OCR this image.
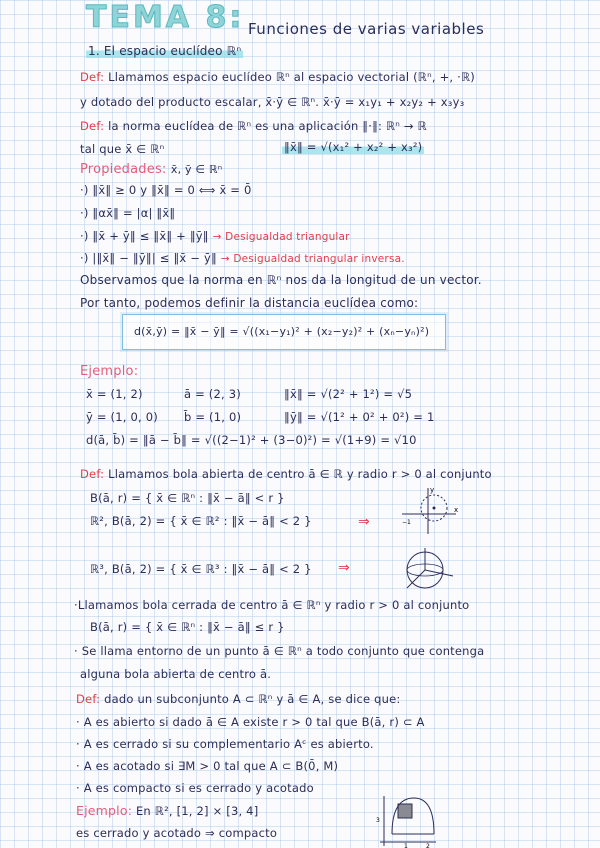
TEMA 8: Funciones de varias variables
1. El espacio euclídeo ℝⁿ
Def: Llamamos espacio euclídeo ℝⁿ al espacio vectorial (ℝⁿ, +, ·ℝ)
y dotado del producto escalar, x̄·ȳ ∈ ℝⁿ. x̄·ȳ = x₁y₁ + x₂y₂ + x₃y₃
Def: la norma euclídea de ℝⁿ es una aplicación ‖·‖: ℝⁿ → ℝ
tal que x̄ ∈ ℝⁿ	‖x̄‖ = √(x₁² + x₂² + x₃²)
Propiedades: x̄, ȳ ∈ ℝⁿ
·) ‖x̄‖ ≥ 0 y ‖x̄‖ = 0 ⟺ x̄ = 0̄
·) ‖αx̄‖ = |α| ‖x̄‖
·) ‖x̄ + ȳ‖ ≤ ‖x̄‖ + ‖ȳ‖ → Desigualdad triangular
·) |‖x̄‖ − ‖ȳ‖| ≤ ‖x̄ − ȳ‖ → Desigualdad triangular inversa.
Observamos que la norma en ℝⁿ nos da la longitud de un vector.
Por tanto, podemos definir la distancia euclídea como:
d(x̄,ȳ) = ‖x̄ − ȳ‖ = √((x₁−y₁)² + (x₂−y₂)² + (xₙ−yₙ)²)
Ejemplo:
x̄ = (1, 2)	ā = (2, 3)	‖x̄‖ = √(2² + 1²) = √5
ȳ = (1, 0, 0) b̄ = (1, 0)	‖ȳ‖ = √(1² + 0² + 0²) = 1
d(ā, b̄) = ‖ā − b̄‖ = √((2−1)² + (3−0)²) = √(1+9) = √10
Def: Llamamos bola abierta de centro ā ∈ ℝ y radio r > 0 al conjunto
B(ā, r) = { x̄ ∈ ℝⁿ : ‖x̄ − ā‖ < r }
ℝ², B(ā, 2) = { x̄ ∈ ℝ² : ‖x̄ − ā‖ < 2 }	⇒
y
x
−1
ℝ³, B(ā, 2) = { x̄ ∈ ℝ³ : ‖x̄ − ā‖ < 2 } ⇒
·Llamamos bola cerrada de centro ā ∈ ℝⁿ y radio r > 0 al conjunto
B(ā, r) = { x̄ ∈ ℝⁿ : ‖x̄ − ā‖ ≤ r }
· Se llama entorno de un punto ā ∈ ℝⁿ a todo conjunto que contenga
alguna bola abierta de centro ā.
Def: dado un subconjunto A ⊂ ℝⁿ y ā ∈ A, se dice que:
· A es abierto si dado ā ∈ A existe r > 0 tal que B(ā, r) ⊂ A
· A es cerrado si su complementario Aᶜ es abierto.
· A es acotado si ∃M > 0 tal que A ⊂ B(0̄, M)
· A es compacto si es cerrado y acotado
Ejemplo: En ℝ², [1, 2] × [3, 4]
es cerrado y acotado ⇒ compacto
1	2
3
